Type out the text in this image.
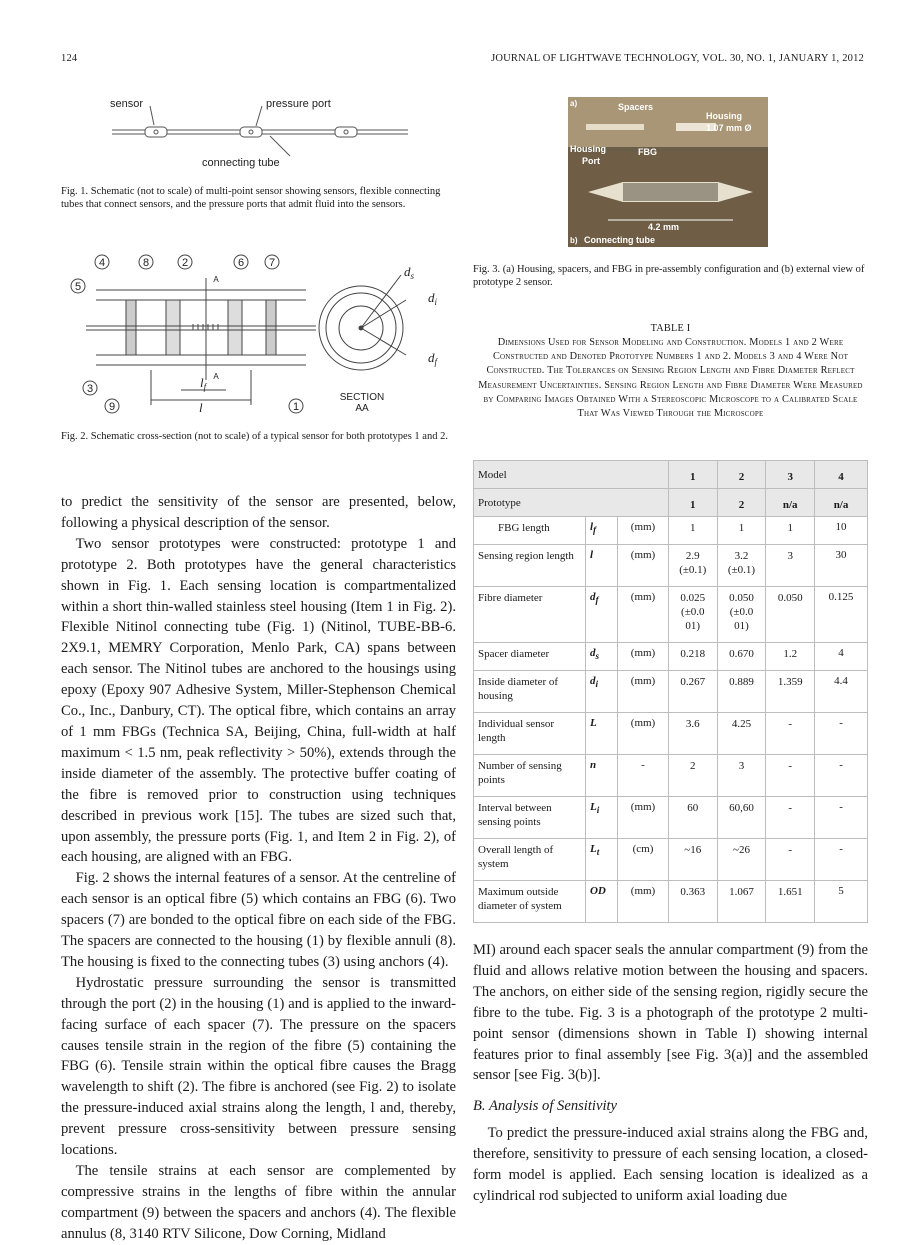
124	JOURNAL OF LIGHTWAVE TECHNOLOGY, VOL. 30, NO. 1, JANUARY 1, 2012
sensor	pressure port
connecting tube
Fig. 1. Schematic (not to scale) of multi-point sensor showing sensors, flexible connecting tubes that connect sensors, and the pressure ports that admit fluid into the sensors.
4	8	2	6 7
5
3
9	1
A
A
SECTION
AA
$l_f$
l
$d_s$
$d_i$
$d_f$
Fig. 2. Schematic cross-section (not to scale) of a typical sensor for both prototypes 1 and 2.

to predict the sensitivity of the sensor are presented, below, following a physical description of the sensor.

Two sensor prototypes were constructed: prototype 1 and prototype 2. Both prototypes have the general characteristics shown in Fig. 1. Each sensing location is compartmentalized within a short thin-walled stainless steel housing (Item 1 in Fig. 2). Flexible Nitinol connecting tube (Fig. 1) (Nitinol, TUBE-BB-6. 2X9.1, MEMRY Corporation, Menlo Park, CA) spans between each sensor. The Nitinol tubes are anchored to the housings using epoxy (Epoxy 907 Adhesive System, Miller-Stephenson Chemical Co., Inc., Danbury, CT). The optical fibre, which contains an array of 1 mm FBGs (Technica SA, Beijing, China, full-width at half maximum < 1.5 nm, peak reflectivity > 50%), extends through the inside diameter of the assembly. The protective buffer coating of the fibre is removed prior to construction using techniques described in previous work [15]. The tubes are sized such that, upon assembly, the pressure ports (Fig. 1, and Item 2 in Fig. 2), of each housing, are aligned with an FBG.

Fig. 2 shows the internal features of a sensor. At the centreline of each sensor is an optical fibre (5) which contains an FBG (6). Two spacers (7) are bonded to the optical fibre on each side of the FBG. The spacers are connected to the housing (1) by flexible annuli (8). The housing is fixed to the connecting tubes (3) using anchors (4).

Hydrostatic pressure surrounding the sensor is transmitted through the port (2) in the housing (1) and is applied to the inward-facing surface of each spacer (7). The pressure on the spacers causes tensile strain in the region of the fibre (5) containing the FBG (6). Tensile strain within the optical fibre causes the Bragg wavelength to shift (2). The fibre is anchored (see Fig. 2) to isolate the pressure-induced axial strains along the length, l and, thereby, prevent pressure cross-sensitivity between pressure sensing locations.

The tensile strains at each sensor are complemented by compressive strains in the lengths of fibre within the annular compartment (9) between the spacers and anchors (4). The flexible annulus (8, 3140 RTV Silicone, Dow Corning, Midland

a)	Spacers
Housing
1.07 mm Ø
Housing
Port
FBG
4.2 mm
b) Connecting tube
Fig. 3. (a) Housing, spacers, and FBG in pre-assembly configuration and (b) external view of prototype 2 sensor.
TABLE I
Dimensions Used for Sensor Modeling and Construction. Models 1 and 2 Were Constructed and Denoted Prototype Numbers 1 and 2. Models 3 and 4 Were Not Constructed. The Tolerances on Sensing Region Length and Fibre Diameter Reflect Measurement Uncertainties. Sensing Region Length and Fibre Diameter Were Measured by Comparing Images Obtained With a Stereoscopic Microscope to a Calibrated Scale That Was Viewed Through the Microscope
Model			1	2	3	4
Prototype			1	2	n/a	n/a
FBG length	$l_f$	(mm)	1	1	1	10
Sensing region length	l	(mm)	2.9 (±0.1)	3.2 (±0.1)	3	30
Fibre diameter	$d_f$	(mm)	0.025 (±0.0 01)	0.050 (±0.0 01)	0.050	0.125
Spacer diameter	$d_s$	(mm)	0.218	0.670	1.2	4
Inside diameter of housing	$d_i$	(mm)	0.267	0.889	1.359	4.4
Individual sensor length	L	(mm)	3.6	4.25	-	-
Number of sensing points	n	-	2	3	-	-
Interval between sensing points	$L_i$	(mm)	60	60,60	-	-
Overall length of system	$L_t$	(cm)	~16	~26	-	-
Maximum outside diameter of system	OD	(mm)	0.363	1.067	1.651	5

MI) around each spacer seals the annular compartment (9) from the fluid and allows relative motion between the housing and spacers. The anchors, on either side of the sensing region, rigidly secure the fibre to the tube. Fig. 3 is a photograph of the prototype 2 multi-point sensor (dimensions shown in Table I) showing internal features prior to final assembly [see Fig. 3(a)] and the assembled sensor [see Fig. 3(b)].

B. Analysis of Sensitivity

To predict the pressure-induced axial strains along the FBG and, therefore, sensitivity to pressure of each sensing location, a closed-form model is applied. Each sensing location is idealized as a cylindrical rod subjected to uniform axial loading due
